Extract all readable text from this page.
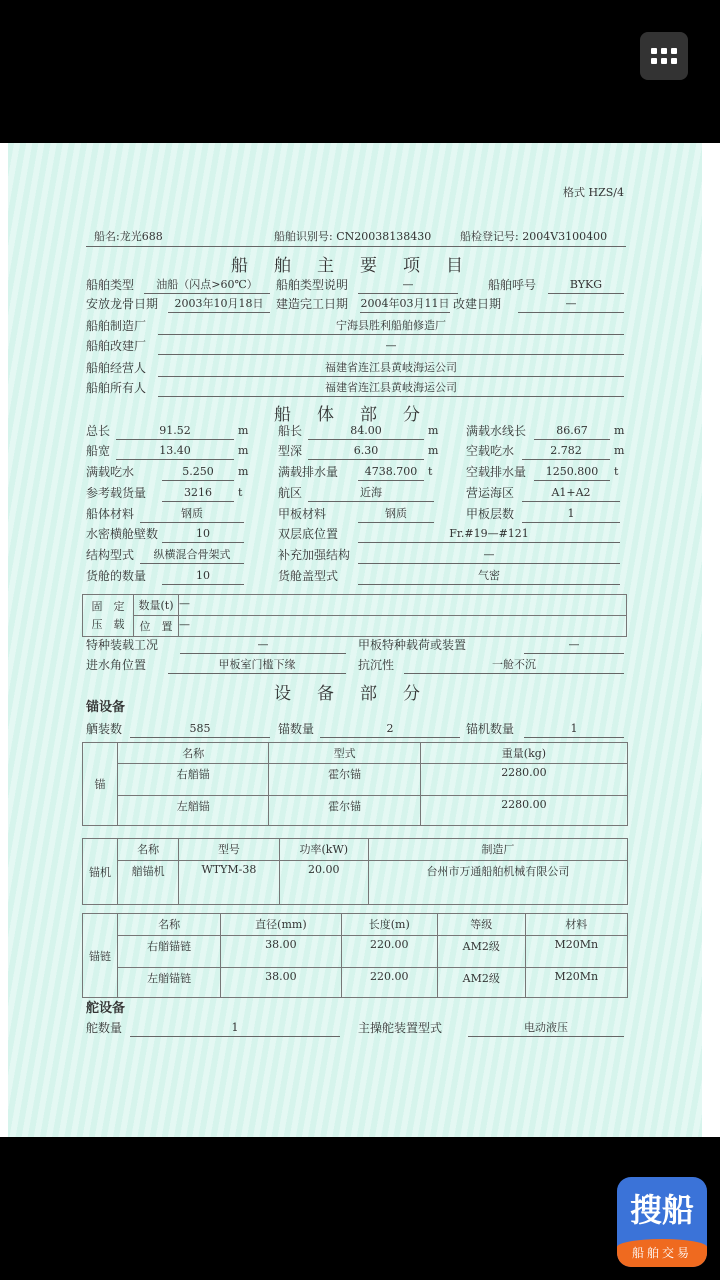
格式 HZS/4
船名:龙光688	船舶识别号: CN20038138430	船检登记号: 2004V3100400
船舶主要项目
船舶类型	油船（闪点>60℃）	船舶类型说明	—	船舶呼号	BYKG
安放龙骨日期	2003年10月18日	建造完工日期 2004年03月11日 改建日期	—
船舶制造厂	宁海县胜利船舶修造厂
船舶改建厂	—
船舶经营人	福建省连江县黄岐海运公司
船舶所有人	福建省连江县黄岐海运公司
船体部分
总长	91.52	m 船长	84.00	m 满载水线长	86.67	m
船宽	13.40	m 型深	6.30	m 空载吃水	2.782	m
满载吃水	5.250	m 满载排水量	4738.700 t	空载排水量	1250.800	t
参考载货量	3216	t	航区	近海	营运海区	A1+A2
船体材料	钢质	甲板材料	钢质	甲板层数	1
水密横舱壁数	10	双层底位置	Fr.#19—#121
结构型式	纵横混合骨架式	补充加强结构	—
货舱的数量	10	货舱盖型式	气密
固　定
压　载	数量(t)	—
	位　置	—
特种装载工况	—	甲板特种载荷或装置	—
进水角位置	甲板室门槛下缘	抗沉性	一舱不沉
设备部分
锚设备
舾装数	585	锚数量	2	锚机数量	1
锚	名称	型式	重量(kg)
	右艏锚	霍尔锚	2280.00
	左艏锚	霍尔锚	2280.00
锚机	名称	型号	功率(kW)	制造厂
	艏锚机	WTYM-38	20.00	台州市万通船舶机械有限公司
锚链	名称	直径(mm)	长度(m)	等级	材料
	右艏锚链	38.00	220.00	AM2级	M20Mn
	左艏锚链	38.00	220.00	AM2级	M20Mn
舵设备
舵数量	1	主操舵装置型式	电动液压
搜船
船舶交易
